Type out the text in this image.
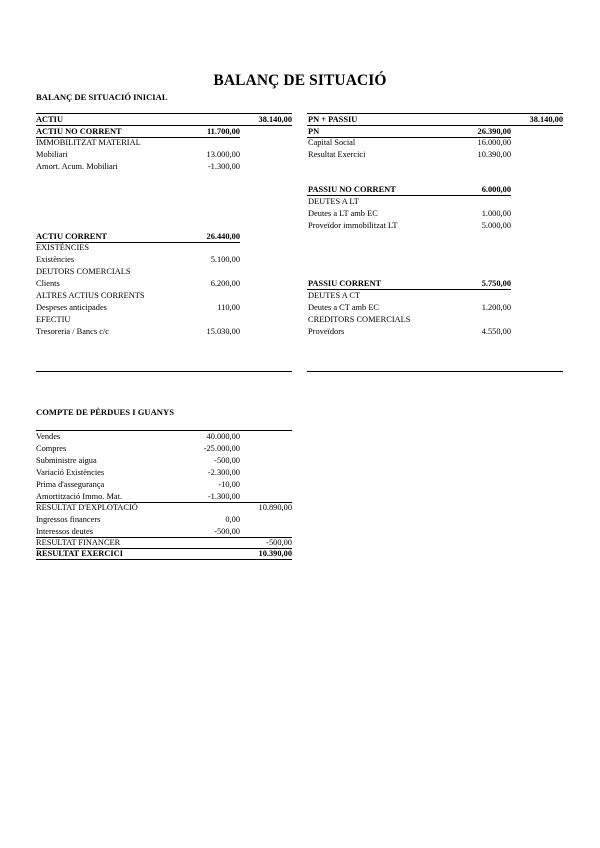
BALANÇ DE SITUACIÓ
BALANÇ DE SITUACIÓ INICIAL
ACTIU	38.140,00
ACTIU NO CORRENT	11.700,00
IMMOBILITZAT MATERIAL
Mobiliari	13.000,00
Amort. Acum. Mobiliari	-1.300,00
ACTIU CORRENT	26.440,00
EXISTÈNCIES
Existències	5.100,00
DEUTORS COMERCIALS
Clients	6.200,00
ALTRES ACTIUS CORRENTS
Despeses anticipades	110,00
EFECTIU
Tresoreria / Bancs c/c	15.030,00
PN + PASSIU	38.140,00
PN	26.390,00
Capital Social	16.000,00
Resultat Exercici	10.390,00
PASSIU NO CORRENT	6.000,00
DEUTES A LT
Deutes a LT amb EC	1.000,00
Proveïdor immobilitzat LT	5.000,00
PASSIU CORRENT	5.750,00
DEUTES A CT
Deutes a CT amb EC	1.200,00
CREDITORS COMERCIALS
Proveïdors	4.550,00
COMPTE DE PÈRDUES I GUANYS
Vendes	40.000,00
Compres	-25.000,00
Subministre aigua	-500,00
Variació Existències	-2.300,00
Prima d'assegurança	-10,00
Amortització Immo. Mat.	-1.300,00
RESULTAT D'EXPLOTACIÓ	10.890,00
Ingressos financers	0,00
Interessos deutes	-500,00
RESULTAT FINANCER	-500,00
RESULTAT EXERCICI	10.390,00
